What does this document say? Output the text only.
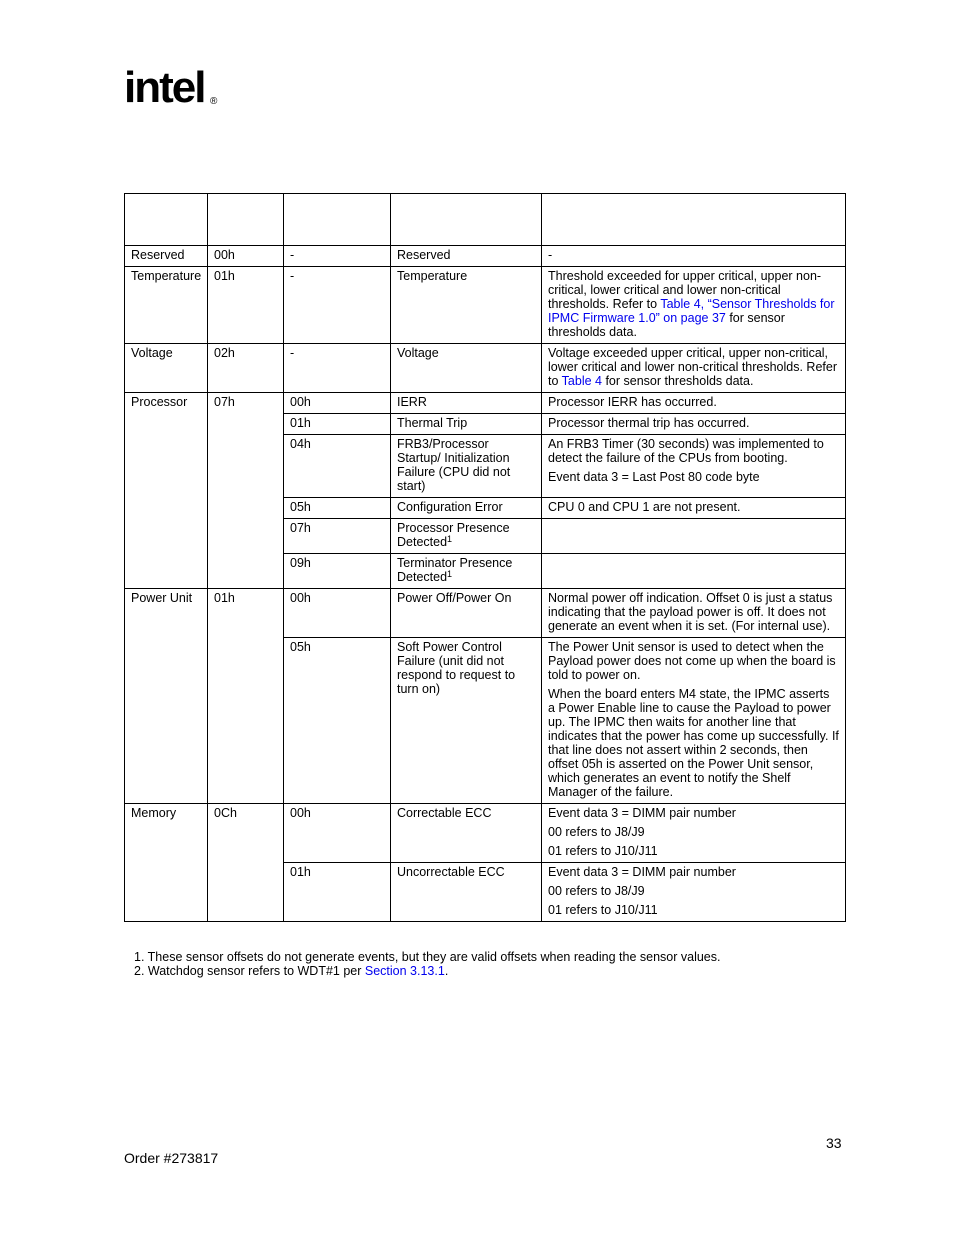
intel ®

Reserved	00h	-	Reserved	-
Temperature	01h	-	Temperature	Threshold exceeded for upper critical, upper non-critical, lower critical and lower non-critical thresholds. Refer to Table 4, “Sensor Thresholds for IPMC Firmware 1.0” on page 37 for sensor thresholds data.
Voltage	02h	-	Voltage	Voltage exceeded upper critical, upper non-critical, lower critical and lower non-critical thresholds. Refer to Table 4 for sensor thresholds data.
Processor	07h	00h	IERR	Processor IERR has occurred.
		01h	Thermal Trip	Processor thermal trip has occurred.
		04h	FRB3/Processor Startup/ Initialization Failure (CPU did not start)	An FRB3 Timer (30 seconds) was implemented to detect the failure of the CPUs from booting.

Event data 3 = Last Post 80 code byte

		05h	Configuration Error	CPU 0 and CPU 1 are not present.
		07h	Processor Presence Detected$^1$	
		09h	Terminator Presence Detected$^1$	
Power Unit	01h	00h	Power Off/Power On	Normal power off indication. Offset 0 is just a status indicating that the payload power is off. It does not generate an event when it is set. (For internal use).
		05h	Soft Power Control Failure (unit did not respond to request to turn on)	The Power Unit sensor is used to detect when the Payload power does not come up when the board is told to power on.

When the board enters M4 state, the IPMC asserts a Power Enable line to cause the Payload to power up. The IPMC then waits for another line that indicates that the power has come up successfully. If that line does not assert within 2 seconds, then offset 05h is asserted on the Power Unit sensor, which generates an event to notify the Shelf Manager of the failure.

Memory	0Ch	00h	Correctable ECC	Event data 3 = DIMM pair number

00 refers to J8/J9

01 refers to J10/J11

		01h	Uncorrectable ECC	Event data 3 = DIMM pair number

00 refers to J8/J9

01 refers to J10/J11

1. These sensor offsets do not generate events, but they are valid offsets when reading the sensor values.
2. Watchdog sensor refers to WDT#1 per Section 3.13.1.
33
Order #273817
